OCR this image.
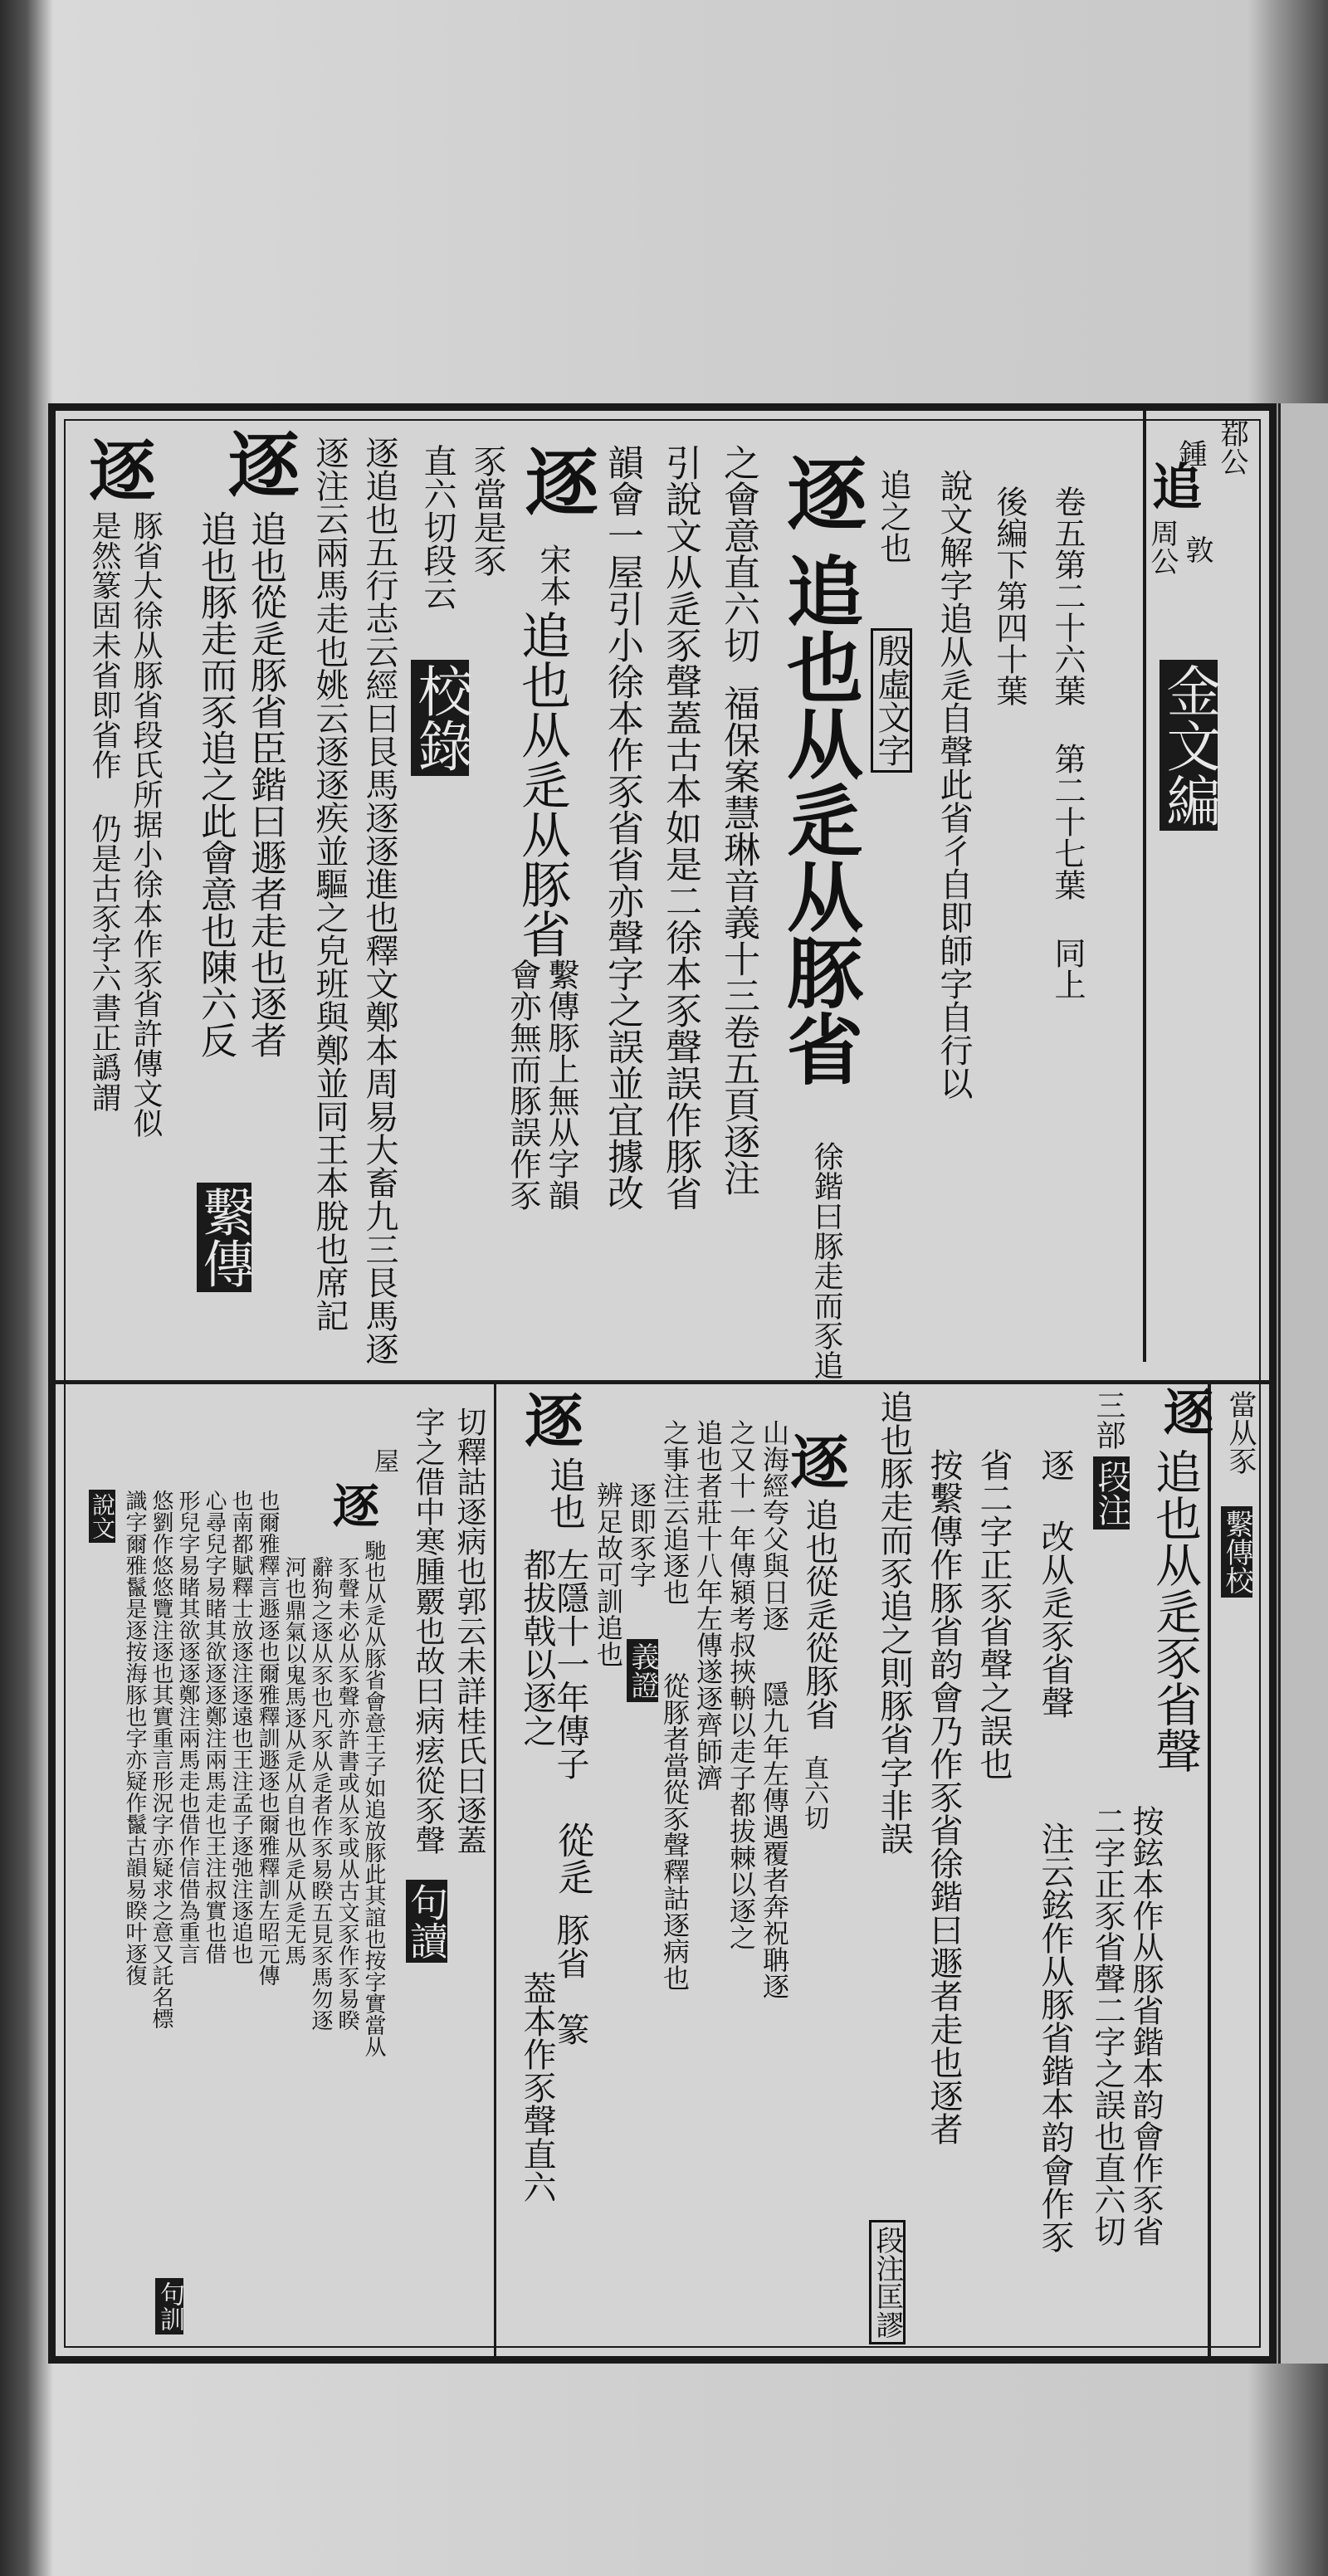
鄀公
鍾
追
周公 敦
金文編
卷五第二十六葉 第二十七葉 同上
後編下第四十葉
說文解字追从辵自聲此省彳自即師字自行以
追之也
殷虛文字
逐
追也从辵从豚省
徐鍇曰豚走而豕追
之會意直六切
福保案慧琳音義十三卷五頁逐注
引說文从辵豕聲蓋古本如是二徐本豕聲誤作豚省
韻會一屋引小徐本作豕省省亦聲字之誤並宜據改
宋本
追也从辵从豚省
繫傳豚上無从字韻
會亦無而豚誤作豕
逐
豕當是豕
直六切段云
校錄
逐追也五行志云經曰艮馬逐逐進也釋文鄭本周易大畜九三艮馬逐
逐注云兩馬走也姚云逐逐疾並驅之皃班與鄭並同王本脫也席記
逐
追也從辵豚省臣鍇曰遯者走也逐者
追也豚走而豕追之此會意也陳六反
繫傳
逐
豚省大徐从豚省段氏所据小徐本作豕省許傳文似
是然篆固未省即省作 仍是古豕字六書正譌謂
當从豕
繫傳校
逐
追也从辵豕省聲
按鉉本作从豚省鍇本韵會作豕省
二字正豕省聲二字之誤也直六切
三部
段注
逐 改从辵豕省聲
注云鉉作从豚省鍇本韵會作豕
省二字正豕省聲之誤也
按繫傳作豚省韵會乃作豕省徐鍇曰遯者走也逐者
追也豚走而豕追之則豚省字非誤
段注匡謬
逐
追也從辵從豚省
直六切
山海經夸父與日逐
隱九年左傳遇覆者奔祝聃逐
之又十一年傳潁考叔挾輈以走子都拔棘以逐之
追也者莊十八年左傳遂逐齊師濟
之事注云追逐也
從豚者當從豕聲釋詁逐病也
逐即豕字
義證
辨足故可訓追也
逐
追也
左隱十一年傳子
都拔戟以逐之
從辵
豚省
篆
葢本作豕聲直六
切釋詁逐病也郭云未詳桂氏曰逐蓋
字之借中寒腫覈也故曰病痃從豕聲
句讀
屋
逐
馳也从辵从豚省會意王子如追放豚此其誼也按字實當从
豕聲未必从豕聲亦許書或从豕或从古文豕作豕易睽
辭狗之逐从豕也凡豕从辵者作豕易睽五見豕馬勿逐
河也鼎氣以鬼馬逐从辵从自也从辵从辵无馬
也爾雅釋言遯逐也爾雅釋訓遯逐也爾雅釋訓左昭元傳
也南都賦釋士放逐注逐遠也王注孟子逐弛注逐追也
心尋兒字易睹其欲逐逐鄭注兩馬走也王注叔實也借
形兒字易睹其欲逐逐鄭注兩馬走也借作信借為重言
悠劉作悠悠覽注逐也其實重言形況字亦疑求之意又託名標
識字爾雅鬣是逐按海豚也字亦疑作鬣古韻易睽叶逐復
說文
句訓
